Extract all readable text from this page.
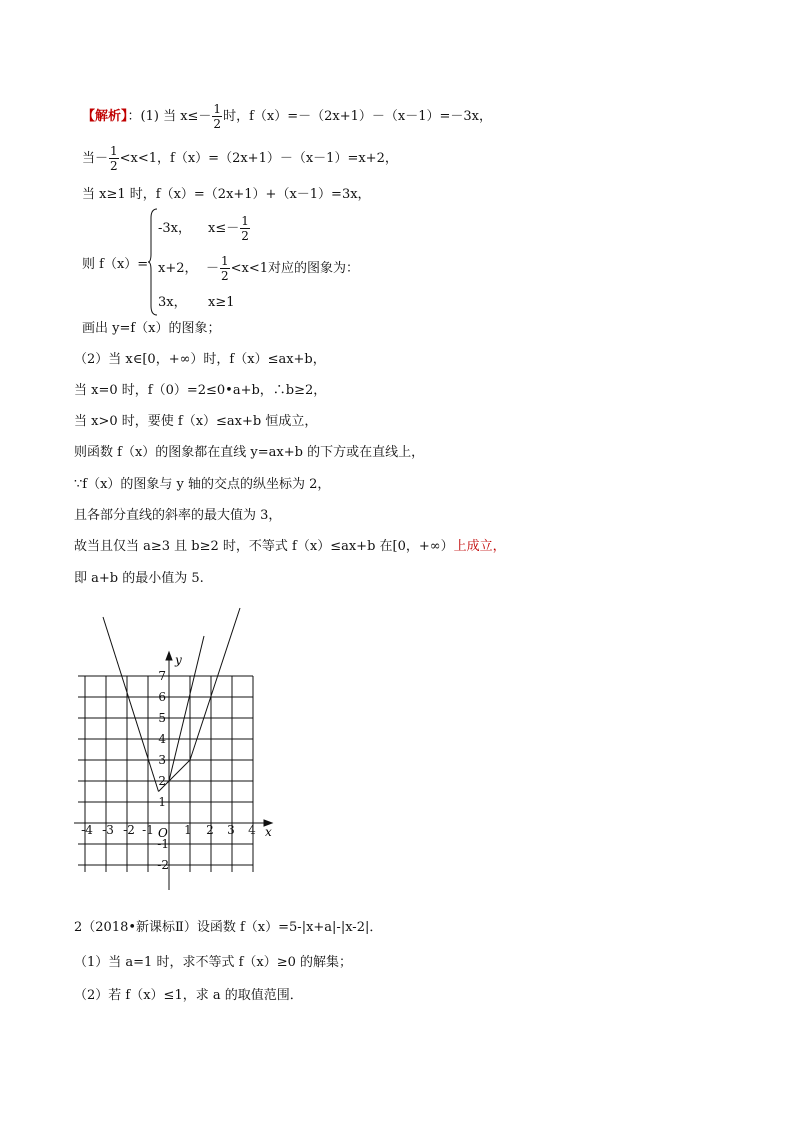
【解析】：(1) 当 $x\le- \frac{1}{2}$ 时，f（x）=－（2x+1）－（x－1）=－3x，
当－ $\frac{1}{2} <x<1$，f（x）=（2x+1）－（x－1）=x+2，
当 x≥1 时，f（x）=（2x+1）+（x－1）=3x，
则 f（x）=
-3x， $x\le- \frac{1}{2}$
x+2， － $\frac{1}{2} <x<1$对应的图象为：
3x， x≥1
画出 y=f（x）的图象；
（2）当 x∈[0，+∞）时，f（x）≤ax+b，
当 x=0 时，f（0）=2≤0•a+b，∴b≥2，
当 x>0 时，要使 f（x）≤ax+b 恒成立，
则函数 f（x）的图象都在直线 y=ax+b 的下方或在直线上，
∵f（x）的图象与 y 轴的交点的纵坐标为 2，
且各部分直线的斜率的最大值为 3，
故当且仅当 a≥3 且 b≥2 时，不等式 f（x）≤ax+b 在[0，+∞）上成立，
即 a+b 的最小值为 5.
-4 -3 -2 -1	1 2 3 4
O	x
y
7
6
5
4
3
2
1
-1
-2
2（2018•新课标Ⅱ）设函数 f（x）=5-|x+a|-|x-2|．
（1）当 a=1 时，求不等式 f（x）≥0 的解集；
（2）若 f（x）≤1，求 a 的取值范围．
